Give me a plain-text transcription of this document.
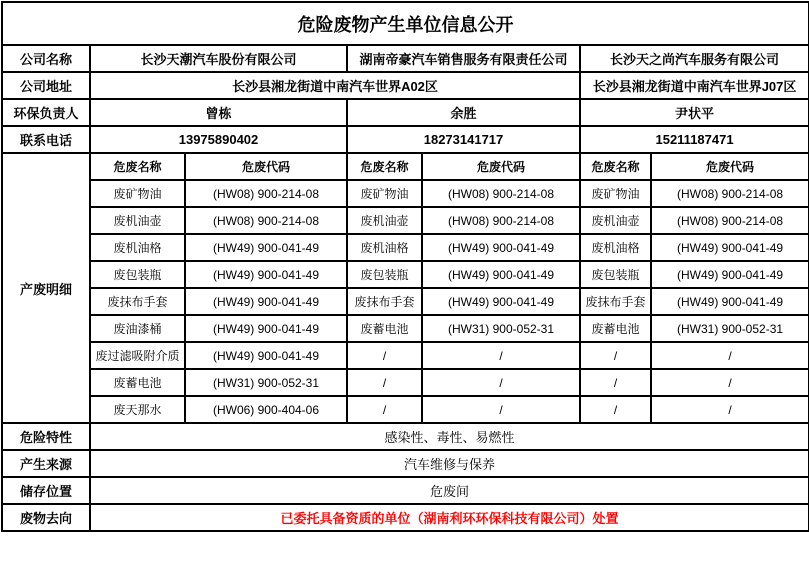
危险废物产生单位信息公开						
公司名称	长沙天潮汽车股份有限公司		湖南帝豪汽车销售服务有限责任公司		长沙天之尚汽车服务有限公司	
公司地址	长沙县湘龙街道中南汽车世界A02区				长沙县湘龙街道中南汽车世界J07区	
环保负责人	曾栋		余胜		尹状平	
联系电话	13975890402		18273141717		15211187471	
产废明细	危废名称	危废代码	危废名称	危废代码	危废名称	危废代码
	废矿物油	(HW08) 900-214-08	废矿物油	(HW08) 900-214-08	废矿物油	(HW08) 900-214-08
	废机油壶	(HW08) 900-214-08	废机油壶	(HW08) 900-214-08	废机油壶	(HW08) 900-214-08
	废机油格	(HW49) 900-041-49	废机油格	(HW49) 900-041-49	废机油格	(HW49) 900-041-49
	废包装瓶	(HW49) 900-041-49	废包装瓶	(HW49) 900-041-49	废包装瓶	(HW49) 900-041-49
	废抹布手套	(HW49) 900-041-49	废抹布手套	(HW49) 900-041-49	废抹布手套	(HW49) 900-041-49
	废油漆桶	(HW49) 900-041-49	废蓄电池	(HW31) 900-052-31	废蓄电池	(HW31) 900-052-31
	废过滤吸附介质	(HW49) 900-041-49	/	/	/	/
	废蓄电池	(HW31) 900-052-31	/	/	/	/
	废天那水	(HW06) 900-404-06	/	/	/	/
危险特性	感染性、毒性、易燃性					
产生来源	汽车维修与保养					
储存位置	危废间					
废物去向	已委托具备资质的单位（湖南利环环保科技有限公司）处置					
